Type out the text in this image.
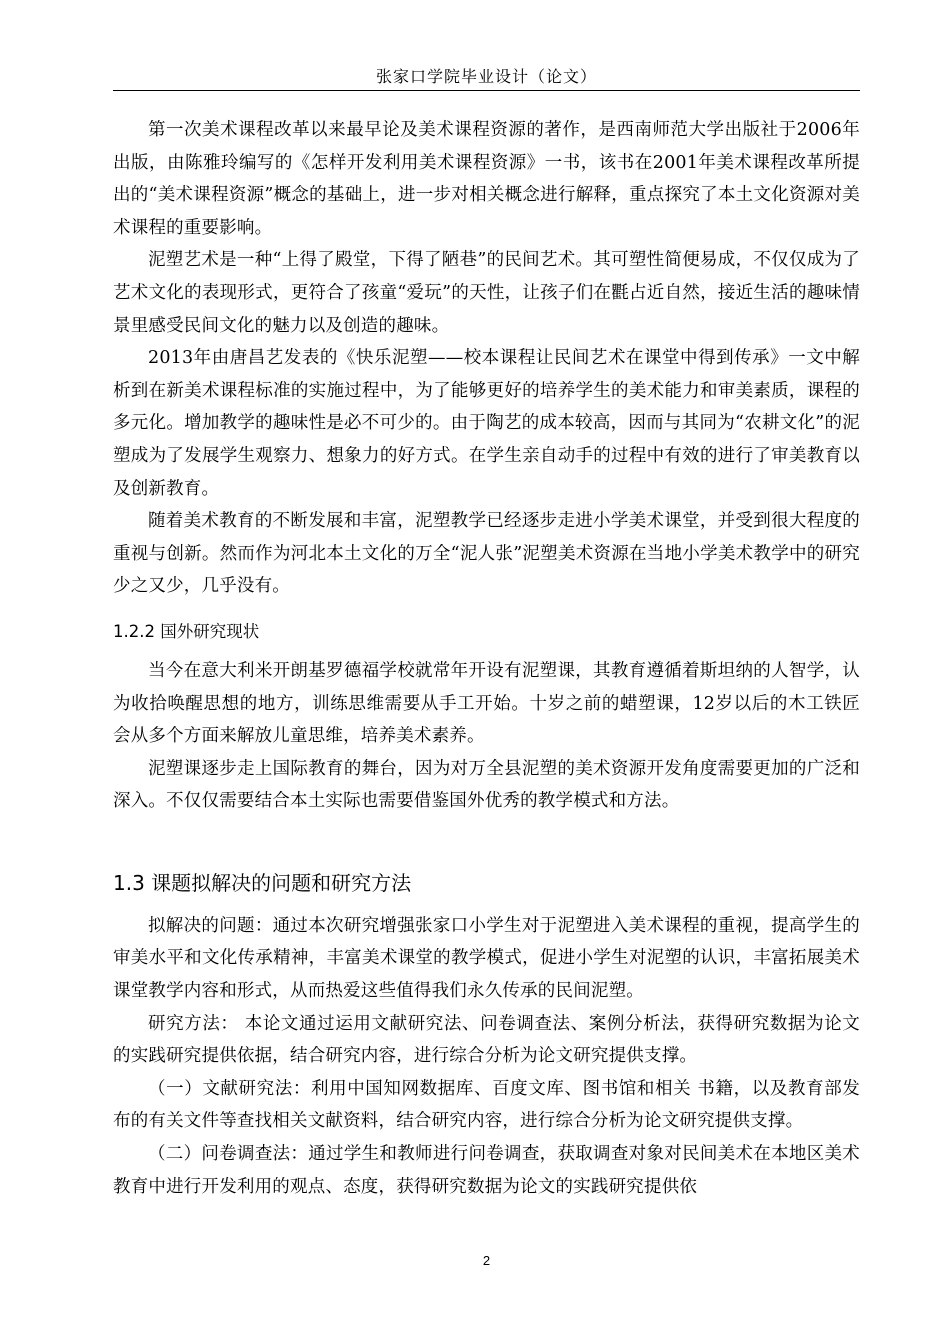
张家口学院毕业设计（论文）

第一次美术课程改革以来最早论及美术课程资源的著作，是西南师范大学出版社于2006年出版，由陈雅玲编写的《怎样开发利用美术课程资源》一书，该书在2001年美术课程改革所提出的“美术课程资源”概念的基础上，进一步对相关概念进行解释，重点探究了本土文化资源对美术课程的重要影响。

泥塑艺术是一种“上得了殿堂，下得了陋巷”的民间艺术。其可塑性简便易成，不仅仅成为了艺术文化的表现形式，更符合了孩童“爱玩”的天性，让孩子们在氍占近自然，接近生活的趣味情景里感受民间文化的魅力以及创造的趣味。

2013年由唐昌艺发表的《快乐泥塑——校本课程让民间艺术在课堂中得到传承》一文中解析到在新美术课程标准的实施过程中，为了能够更好的培养学生的美术能力和审美素质，课程的多元化。增加教学的趣味性是必不可少的。由于陶艺的成本较高，因而与其同为“农耕文化”的泥塑成为了发展学生观察力、想象力的好方式。在学生亲自动手的过程中有效的进行了审美教育以及创新教育。

随着美术教育的不断发展和丰富，泥塑教学已经逐步走进小学美术课堂，并受到很大程度的重视与创新。然而作为河北本土文化的万全“泥人张”泥塑美术资源在当地小学美术教学中的研究少之又少，几乎没有。

1.2.2 国外研究现状

当今在意大利米开朗基罗德福学校就常年开设有泥塑课，其教育遵循着斯坦纳的人智学，认为收拾唤醒思想的地方，训练思维需要从手工开始。十岁之前的蜡塑课，12岁以后的木工铁匠会从多个方面来解放儿童思维，培养美术素养。

泥塑课逐步走上国际教育的舞台，因为对万全县泥塑的美术资源开发角度需要更加的广泛和深入。不仅仅需要结合本土实际也需要借鉴国外优秀的教学模式和方法。

1.3 课题拟解决的问题和研究方法

拟解决的问题：通过本次研究增强张家口小学生对于泥塑进入美术课程的重视，提高学生的审美水平和文化传承精神，丰富美术课堂的教学模式，促进小学生对泥塑的认识，丰富拓展美术课堂教学内容和形式，从而热爱这些值得我们永久传承的民间泥塑。

研究方法： 本论文通过运用文献研究法、问卷调查法、案例分析法，获得研究数据为论文的实践研究提供依据，结合研究内容，进行综合分析为论文研究提供支撑。

（一）文献研究法：利用中国知网数据库、百度文库、图书馆和相关 书籍，以及教育部发布的有关文件等查找相关文献资料，结合研究内容，进行综合分析为论文研究提供支撑。

（二）问卷调查法：通过学生和教师进行问卷调查，获取调查对象对民间美术在本地区美术教育中进行开发利用的观点、态度，获得研究数据为论文的实践研究提供依

2
